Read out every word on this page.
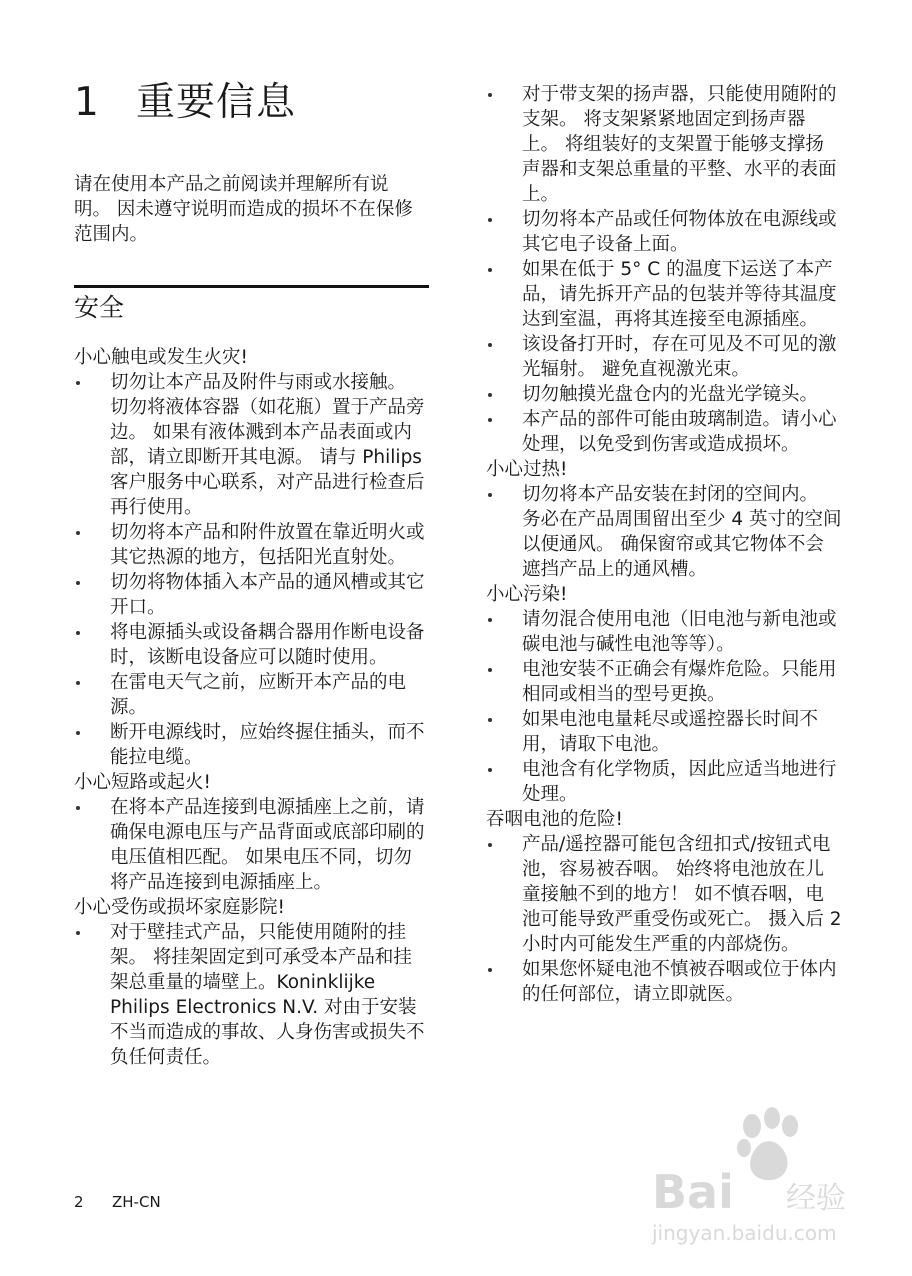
1 重要信息
请在使用本产品之前阅读并理解所有说明。 因未遵守说明而造成的损坏不在保修范围内。
安全
小心触电或发生火灾!
切勿让本产品及附件与雨或水接触。 切勿将液体容器（如花瓶）置于产品旁边。 如果有液体溅到本产品表面或内部，请立即断开其电源。 请与 Philips 客户服务中心联系，对产品进行检查后再行使用。
切勿将本产品和附件放置在靠近明火或其它热源的地方，包括阳光直射处。
切勿将物体插入本产品的通风槽或其它开口。
将电源插头或设备耦合器用作断电设备时，该断电设备应可以随时使用。
在雷电天气之前，应断开本产品的电源。
断开电源线时，应始终握住插头，而不能拉电缆。
小心短路或起火!
在将本产品连接到电源插座上之前，请确保电源电压与产品背面或底部印刷的电压值相匹配。 如果电压不同，切勿将产品连接到电源插座上。
小心受伤或损坏家庭影院!
对于壁挂式产品，只能使用随附的挂架。 将挂架固定到可承受本产品和挂架总重量的墙壁上。Koninklijke Philips Electronics N.V. 对由于安装不当而造成的事故、人身伤害或损失不负任何责任。
对于带支架的扬声器，只能使用随附的支架。 将支架紧紧地固定到扬声器上。 将组装好的支架置于能够支撑扬声器和支架总重量的平整、水平的表面上。
切勿将本产品或任何物体放在电源线或其它电子设备上面。
如果在低于 5° C 的温度下运送了本产品，请先拆开产品的包装并等待其温度达到室温，再将其连接至电源插座。
该设备打开时，存在可见及不可见的激光辐射。 避免直视激光束。
切勿触摸光盘仓内的光盘光学镜头。
本产品的部件可能由玻璃制造。请小心处理，以免受到伤害或造成损坏。
小心过热!
切勿将本产品安装在封闭的空间内。 务必在产品周围留出至少 4 英寸的空间以便通风。 确保窗帘或其它物体不会遮挡产品上的通风槽。
小心污染!
请勿混合使用电池（旧电池与新电池或碳电池与碱性电池等等）。
电池安装不正确会有爆炸危险。只能用相同或相当的型号更换。
如果电池电量耗尽或遥控器长时间不用，请取下电池。
电池含有化学物质，因此应适当地进行处理。
吞咽电池的危险!
产品/遥控器可能包含纽扣式/按钮式电池，容易被吞咽。 始终将电池放在儿童接触不到的地方！ 如不慎吞咽，电池可能导致严重受伤或死亡。 摄入后 2 小时内可能发生严重的内部烧伤。
如果您怀疑电池不慎被吞咽或位于体内的任何部位，请立即就医。
2 ZH-CN	Bai 经验
jingyan.baidu.com
